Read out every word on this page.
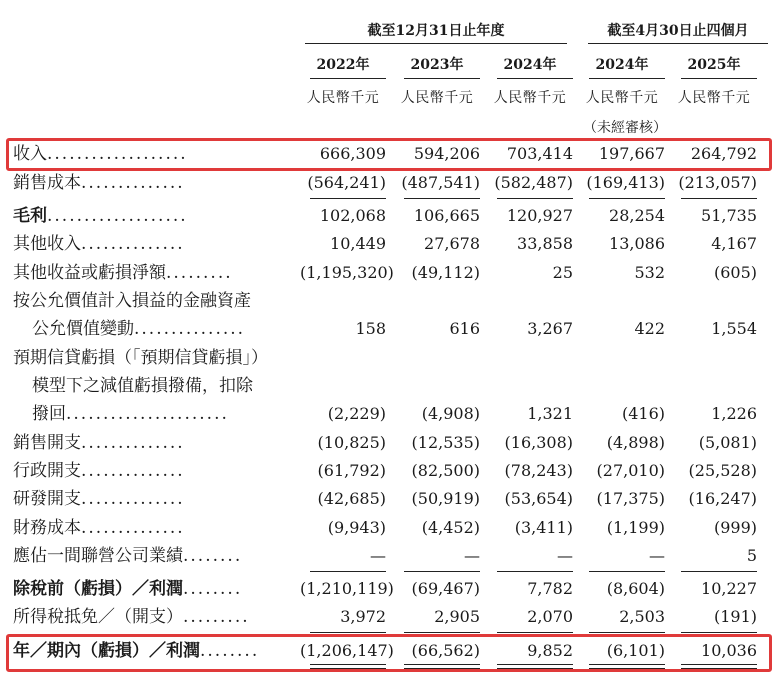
截至12月31日止年度	截至4月30日止四個月
2022年	2023年	2024年	2024年	2025年
人民幣千元	人民幣千元	人民幣千元	人民幣千元	人民幣千元
（未經審核）
收入...................	666,309	594,206	703,414	197,667	264,792
銷售成本..............	(564,241) (487,541) (582,487) (169,413) (213,057)
毛利...................	102,068	106,665	120,927	28,254	51,735
其他收入..............	10,449	27,678	33,858	13,086	4,167
其他收益或虧損淨額.........	(1,195,320)	(49,112)	25	532	(605)
按公允價值計入損益的金融資產
公允價值變動...............	158	616	3,267	422	1,554
預期信貸虧損（「預期信貸虧損」）
模型下之減值虧損撥備，扣除
撥回......................	(2,229)	(4,908)	1,321	(416)	1,226
銷售開支..............	(10,825)	(12,535)	(16,308)	(4,898)	(5,081)
行政開支..............	(61,792)	(82,500)	(78,243)	(27,010)	(25,528)
研發開支..............	(42,685)	(50,919)	(53,654)	(17,375)	(16,247)
財務成本..............	(9,943)	(4,452)	(3,411)	(1,199)	(999)
應佔一間聯營公司業績........	—	—	—	—	5
除稅前（虧損）／利潤........	(1,210,119)	(69,467)	7,782	(8,604)	10,227
所得稅抵免／（開支）.........	3,972	2,905	2,070	2,503	(191)
年／期內（虧損）／利潤........	(1,206,147)	(66,562)	9,852	(6,101)	10,036
